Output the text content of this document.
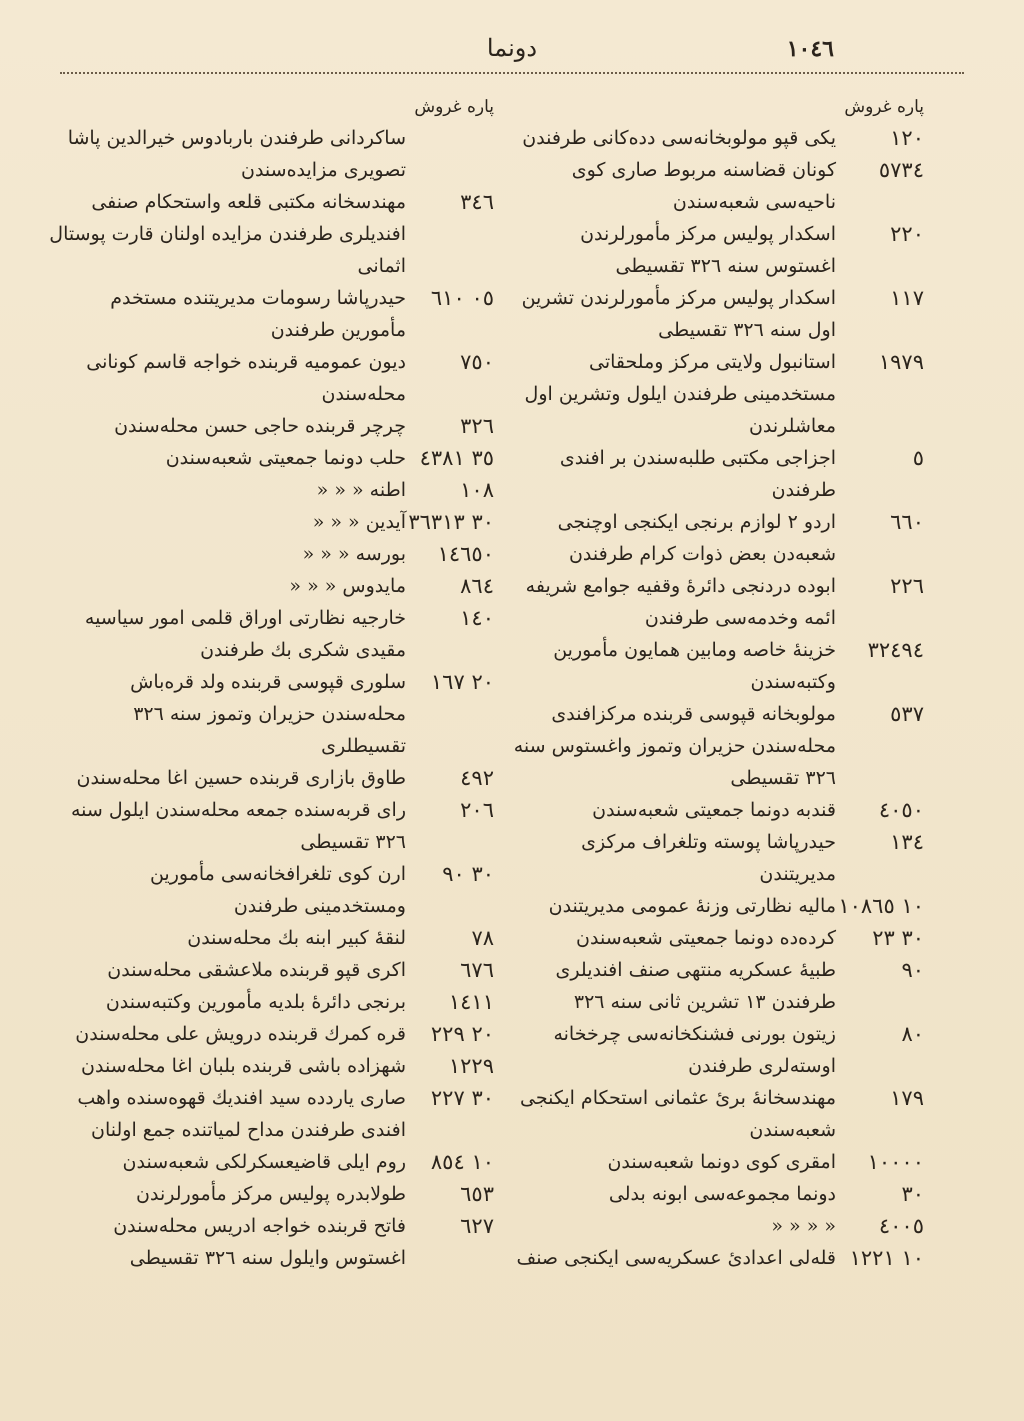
١٠٤٦
دونما
پاره غروش
١٢٠
يكى قپو مولوبخانه‌سى دده‌كانى طرفندن
٥٧٣٤
كونان قضاسنه مربوط صارى كوى ناحيه‌سى شعبه‌سندن
٢٢٠
اسكدار پوليس مركز مأمورلرندن اغستوس سنه ٣٢٦ تقسيطى
١١٧
اسكدار پوليس مركز مأمورلرندن تشرين اول سنه ٣٢٦ تقسيطى
١٩٧٩
استانبول ولايتى مركز وملحقاتى مستخدمينى طرفندن ايلول وتشرين اول معاشلرندن
٥
اجزاجى مكتبى طلبه‌سندن بر افندى طرفندن
٦٦٠
اردو ٢ لوازم برنجى ايكنجى اوچنجى شعبه‌دن بعض ذوات كرام طرفندن
٢٢٦
ابوده دردنجى دائرهٔ وقفيه جوامع شريفه ائمه وخدمه‌سى طرفندن
٣٢٤٩٤
خزينهٔ خاصه ومابين همايون مأمورين وكتبه‌سندن
٥٣٧
مولوبخانه قپوسى قربنده مركزافندى محله‌سندن حزيران وتموز واغستوس سنه ٣٢٦ تقسيطى
٤٠٥٠
قندبه دونما جمعيتى شعبه‌سندن
١٣٤
حيدرپاشا پوسته وتلغراف مركزى مديريتندن
١٠ ١٠٨٦٥
ماليه نظارتى وزنهٔ عمومى مديريتندن
٣٠ ٢٣
كرده‌ده دونما جمعيتى شعبه‌سندن
٩٠
طبيهٔ عسكريه منتهى صنف افنديلرى طرفندن ١٣ تشرين ثانى سنه ٣٢٦
٨٠
زيتون بورنى فشنكخانه‌سى چرخخانه اوسته‌لرى طرفندن
١٧٩
مهندسخانهٔ برىٔ عثمانى استحكام ايكنجى شعبه‌سندن
١٠٠٠٠
امقرى كوى دونما شعبه‌سندن
٣٠
دونما مجموعه‌سى ابونه بدلى
٤٠٠٥
« « « «
١٠ ١٢٢١
قله‌لى اعدادىٔ عسكريه‌سى ايكنجى صنف
پاره غروش
ساكردانى طرفندن باربادوس خيرالدين پاشا تصويرى مزايده‌سندن
٣٤٦
مهندسخانه مكتبى قلعه واستحكام صنفى افنديلرى طرفندن مزايده اولنان قارت پوستال اثمانى
٠٥ ٦١٠
حيدرپاشا رسومات مديريتنده مستخدم مأمورين طرفندن
٧٥٠
ديون عموميه قربنده خواجه قاسم كونانى محله‌سندن
٣٢٦
چرچر قربنده حاجى حسن محله‌سندن
٣٥ ٤٣٨١
حلب دونما جمعيتى شعبه‌سندن
١٠٨
اطنه « « «
٣٠ ٣٦٣١٣
آيدين « « «
١٤٦٥٠
بورسه « « «
٨٦٤
مايدوس « « «
١٤٠
خارجيه نظارتى اوراق قلمى امور سياسيه مقيدى شكرى بك طرفندن
٢٠ ١٦٧
سلورى قپوسى قربنده ولد قره‌باش محله‌سندن حزيران وتموز سنه ٣٢٦ تقسيطلرى
٤٩٢
طاوق بازارى قربنده حسين اغا محله‌سندن
٢٠٦
راى قربه‌سنده جمعه محله‌سندن ايلول سنه ٣٢٦ تقسيطى
٣٠ ٩٠
ارن كوى تلغرافخانه‌سى مأمورين ومستخدمينى طرفندن
٧٨
لنقهٔ كبير ابنه بك محله‌سندن
٦٧٦
اكرى قپو قربنده ملاعشقى محله‌سندن
١٤١١
برنجى دائرهٔ بلديه مأمورين وكتبه‌سندن
٢٠ ٢٢٩
قره كمرك قربنده درويش على محله‌سندن
١٢٢٩
شهزاده باشى قربنده بلبان اغا محله‌سندن
٣٠ ٢٢٧
صارى ياردده سيد افنديك قهوه‌سنده واهب افندى طرفندن مداح لمياتنده جمع اولنان
١٠ ٨٥٤
روم ايلى قاضيعسكرلكى شعبه‌سندن
٦٥٣
طولابدره پوليس مركز مأمورلرندن
٦٢٧
فاتح قربنده خواجه ادريس محله‌سندن اغستوس وايلول سنه ٣٢٦ تقسيطى
